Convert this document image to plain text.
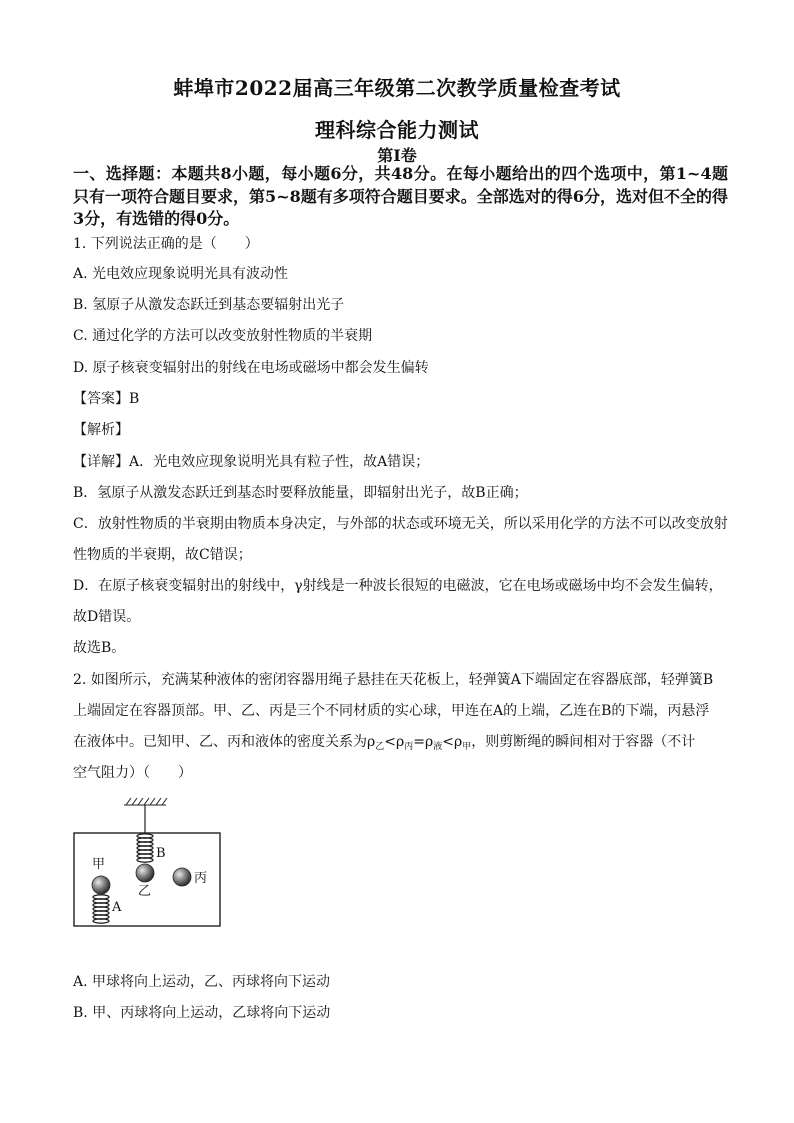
蚌埠市2022届高三年级第二次教学质量检查考试
理科综合能力测试
第I卷
一、选择题：本题共8小题，每小题6分，共48分。在每小题给出的四个选项中，第1~4题只有一项符合题目要求，第5~8题有多项符合题目要求。全部选对的得6分，选对但不全的得3分，有选错的得0分。
1. 下列说法正确的是（　　）
A. 光电效应现象说明光具有波动性
B. 氢原子从激发态跃迁到基态要辐射出光子
C. 通过化学的方法可以改变放射性物质的半衰期
D. 原子核衰变辐射出的射线在电场或磁场中都会发生偏转
【答案】B
【解析】
【详解】A．光电效应现象说明光具有粒子性，故A错误；
B．氢原子从激发态跃迁到基态时要释放能量，即辐射出光子，故B正确；
C．放射性物质的半衰期由物质本身决定，与外部的状态或环境无关，所以采用化学的方法不可以改变放射
性物质的半衰期，故C错误；
D．在原子核衰变辐射出的射线中，γ射线是一种波长很短的电磁波，它在电场或磁场中均不会发生偏转，
故D错误。
故选B。
2. 如图所示，充满某种液体的密闭容器用绳子悬挂在天花板上，轻弹簧A下端固定在容器底部，轻弹簧B
上端固定在容器顶部。甲、乙、丙是三个不同材质的实心球，甲连在A的上端，乙连在B的下端，丙悬浮
在液体中。已知甲、乙、丙和液体的密度关系为$\rho_乙<\rho_丙=\rho_液<\rho_甲$，则剪断绳的瞬间相对于容器（不计
空气阻力）（　　）
甲
B
乙
丙
A
A. 甲球将向上运动，乙、丙球将向下运动
B. 甲、丙球将向上运动，乙球将向下运动
